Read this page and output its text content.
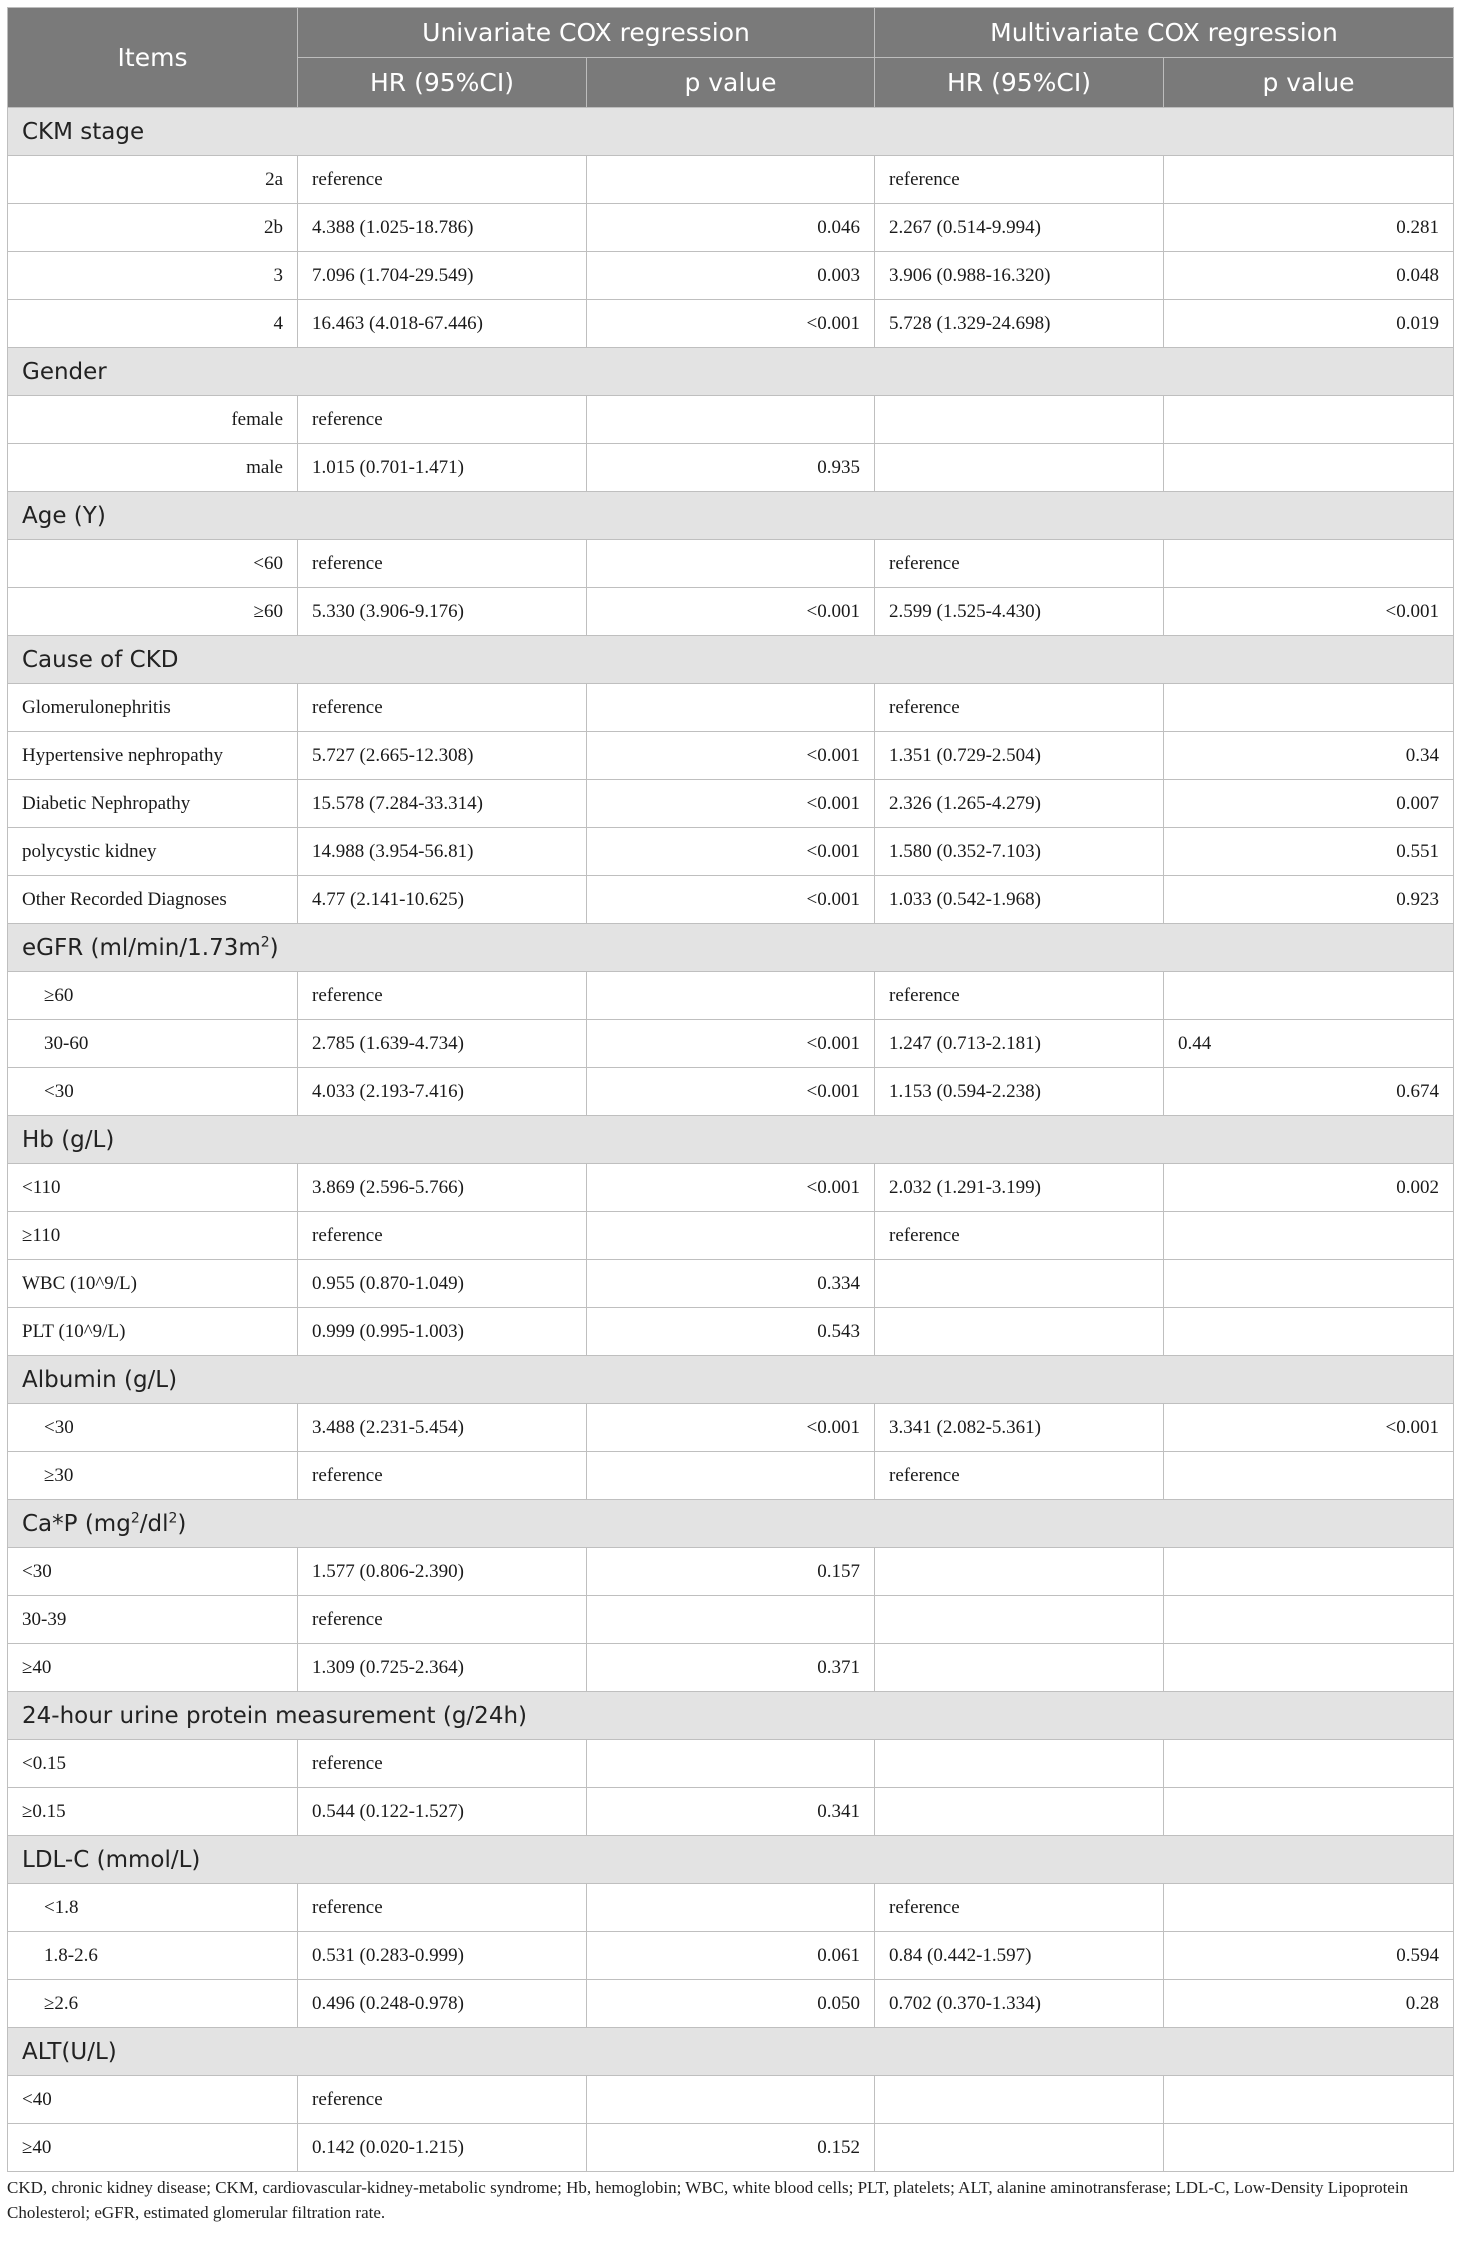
Items	Univariate COX regression		Multivariate COX regression	
	HR (95%CI)	p value	HR (95%CI)	p value
CKM stage				
2a	reference		reference	
2b	4.388 (1.025-18.786)	0.046	2.267 (0.514-9.994)	0.281
3	7.096 (1.704-29.549)	0.003	3.906 (0.988-16.320)	0.048
4	16.463 (4.018-67.446)	<0.001	5.728 (1.329-24.698)	0.019
Gender				
female	reference			
male	1.015 (0.701-1.471)	0.935		
Age (Y)				
<60	reference		reference	
≥60	5.330 (3.906-9.176)	<0.001	2.599 (1.525-4.430)	<0.001
Cause of CKD				
Glomerulonephritis	reference		reference	
Hypertensive nephropathy	5.727 (2.665-12.308)	<0.001	1.351 (0.729-2.504)	0.34
Diabetic Nephropathy	15.578 (7.284-33.314)	<0.001	2.326 (1.265-4.279)	0.007
polycystic kidney	14.988 (3.954-56.81)	<0.001	1.580 (0.352-7.103)	0.551
Other Recorded Diagnoses	4.77 (2.141-10.625)	<0.001	1.033 (0.542-1.968)	0.923
eGFR $(ml/\min/1.73m^2)$				
≥60	reference		reference	
30-60	2.785 (1.639-4.734)	<0.001	1.247 (0.713-2.181)	0.44
<30	4.033 (2.193-7.416)	<0.001	1.153 (0.594-2.238)	0.674
Hb (g/L)				
<110	3.869 (2.596-5.766)	<0.001	2.032 (1.291-3.199)	0.002
≥110	reference		reference	
WBC (10^9/L)	0.955 (0.870-1.049)	0.334		
PLT (10^9/L)	0.999 (0.995-1.003)	0.543		
Albumin (g/L)				
<30	3.488 (2.231-5.454)	<0.001	3.341 (2.082-5.361)	<0.001
≥30	reference		reference	
Ca*P $(mg^2/dl^2)$				
<30	1.577 (0.806-2.390)	0.157		
30-39	reference			
≥40	1.309 (0.725-2.364)	0.371		
24-hour urine protein measurement (g/24h)				
<0.15	reference			
≥0.15	0.544 (0.122-1.527)	0.341		
LDL-C (mmol/L)				
<1.8	reference		reference	
1.8-2.6	0.531 (0.283-0.999)	0.061	0.84 (0.442-1.597)	0.594
≥2.6	0.496 (0.248-0.978)	0.050	0.702 (0.370-1.334)	0.28
ALT(U/L)				
<40	reference			
≥40	0.142 (0.020-1.215)	0.152		
CKD, chronic kidney disease; CKM, cardiovascular-kidney-metabolic syndrome; Hb, hemoglobin; WBC, white blood cells; PLT, platelets; ALT, alanine aminotransferase; LDL-C, Low-Density Lipoprotein Cholesterol; eGFR, estimated glomerular filtration rate.
